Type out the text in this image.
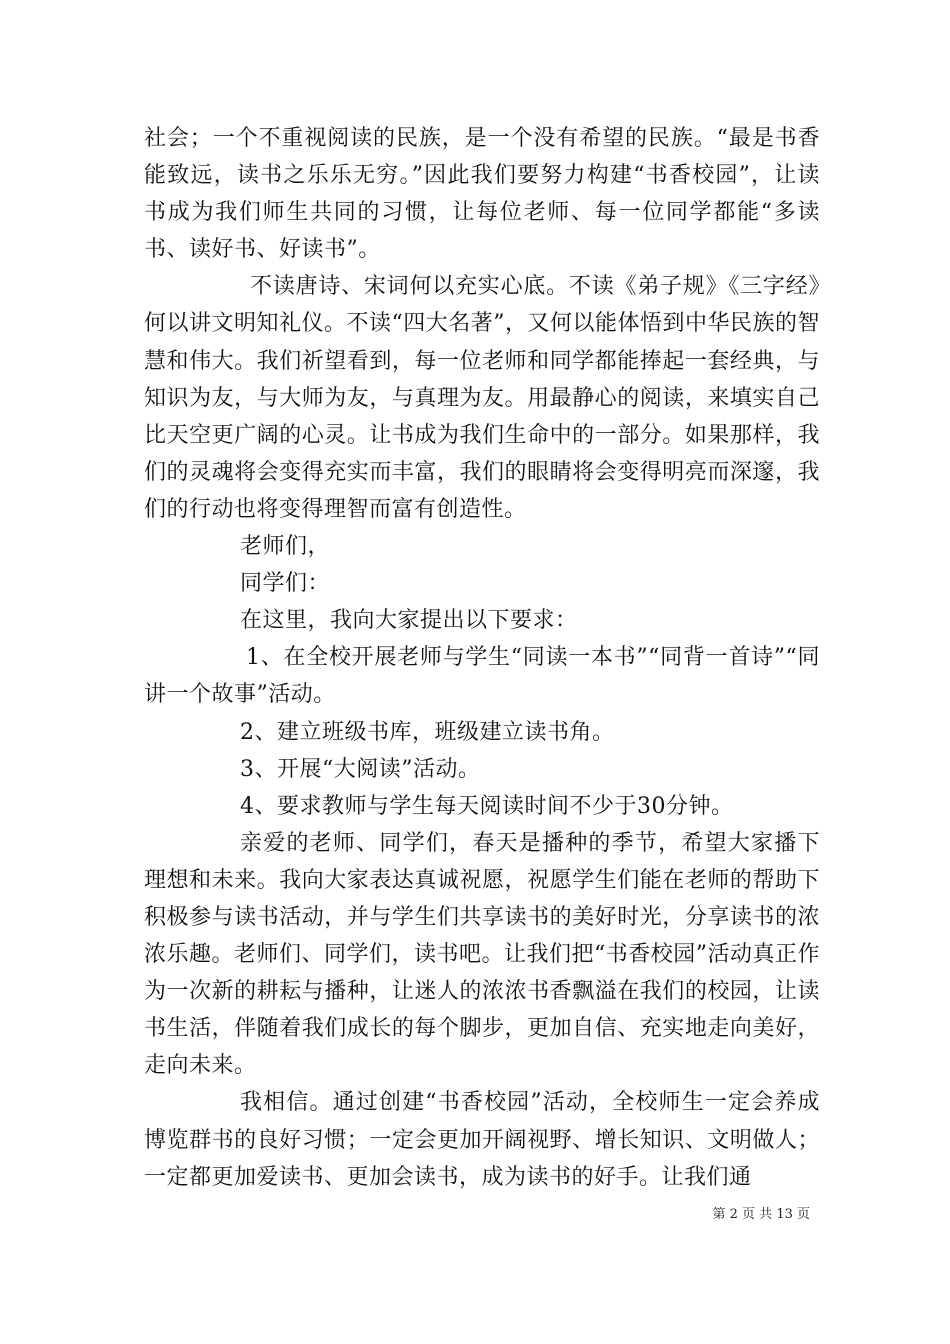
社会；一个不重视阅读的民族，是一个没有希望的民族。“最是书香能致远，读书之乐乐无穷。”因此我们要努力构建“书香校园”，让读书成为我们师生共同的习惯，让每位老师、每一位同学都能“多读书、读好书、好读书”。

不读唐诗、宋词何以充实心底。不读《弟子规》《三字经》何以讲文明知礼仪。不读“四大名著”，又何以能体悟到中华民族的智慧和伟大。我们祈望看到，每一位老师和同学都能捧起一套经典，与知识为友，与大师为友，与真理为友。用最静心的阅读，来填实自己比天空更广阔的心灵。让书成为我们生命中的一部分。如果那样，我们的灵魂将会变得充实而丰富，我们的眼睛将会变得明亮而深邃，我们的行动也将变得理智而富有创造性。

老师们，

同学们：

在这里，我向大家提出以下要求：

1、在全校开展老师与学生“同读一本书”“同背一首诗”“同讲一个故事”活动。

2、建立班级书库，班级建立读书角。

3、开展“大阅读”活动。

4、要求教师与学生每天阅读时间不少于30分钟。

亲爱的老师、同学们，春天是播种的季节，希望大家播下理想和未来。我向大家表达真诚祝愿，祝愿学生们能在老师的帮助下积极参与读书活动，并与学生们共享读书的美好时光，分享读书的浓浓乐趣。老师们、同学们，读书吧。让我们把“书香校园”活动真正作为一次新的耕耘与播种，让迷人的浓浓书香飘溢在我们的校园，让读书生活，伴随着我们成长的每个脚步，更加自信、充实地走向美好，走向未来。

我相信。通过创建“书香校园”活动，全校师生一定会养成博览群书的良好习惯；一定会更加开阔视野、增长知识、文明做人；一定都更加爱读书、更加会读书，成为读书的好手。让我们通

第 2 页 共 13 页
